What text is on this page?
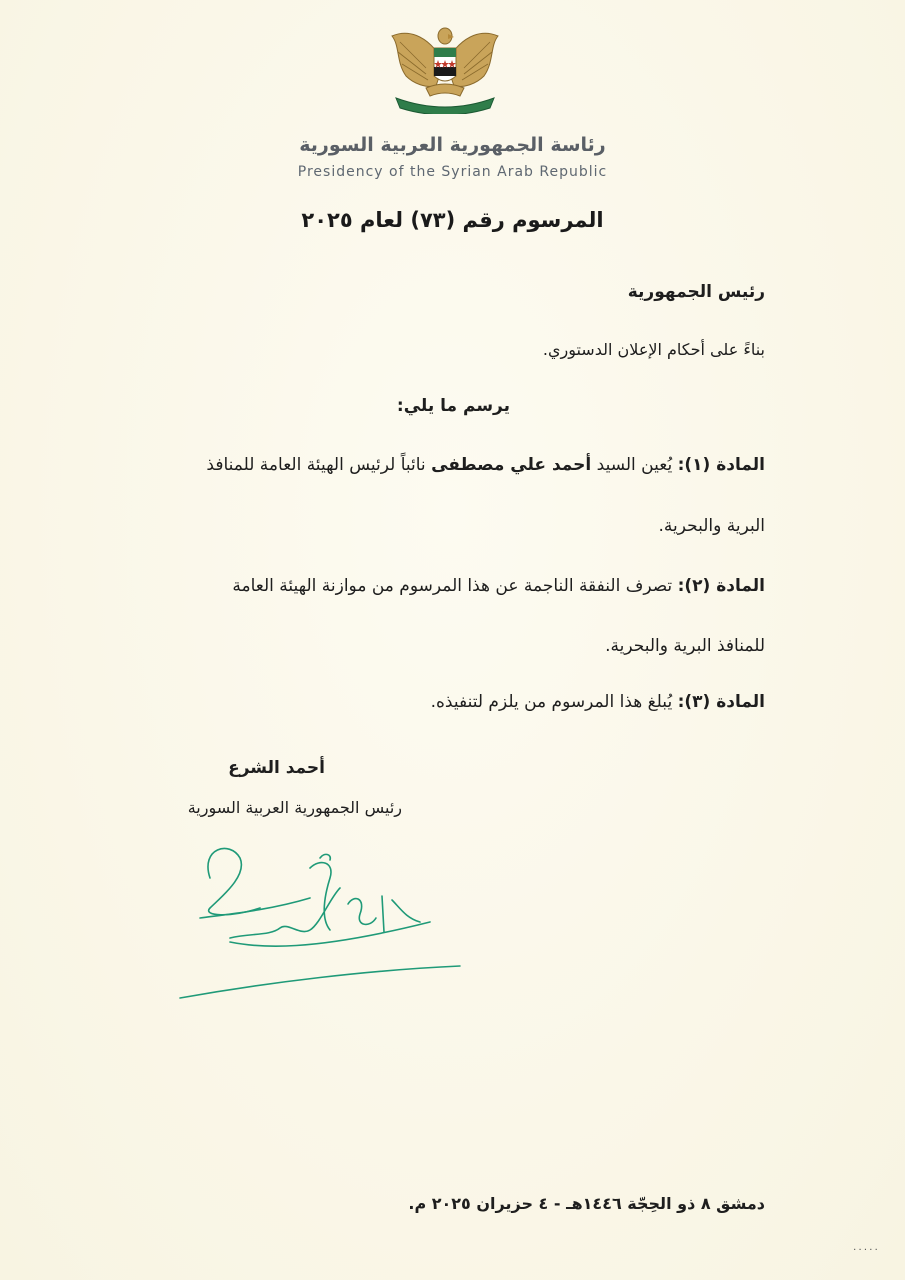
رئاسة الجمهورية العربية السورية
Presidency of the Syrian Arab Republic
المرسوم رقم (٧٣) لعام ٢٠٢٥
رئيس الجمهورية
بناءً على أحكام الإعلان الدستوري.
يرسم ما يلي:
المادة (١): يُعين السيد أحمد علي مصطفى نائباً لرئيس الهيئة العامة للمنافذ
البرية والبحرية.
المادة (٢): تصرف النفقة الناجمة عن هذا المرسوم من موازنة الهيئة العامة
للمنافذ البرية والبحرية.
المادة (٣): يُبلغ هذا المرسوم من يلزم لتنفيذه.
أحمد الشرع
رئيس الجمهورية العربية السورية
دمشق ٨ ذو الحِجّة ١٤٤٦هـ - ٤ حزيران ٢٠٢٥ م.
٠٠٠٠٠
